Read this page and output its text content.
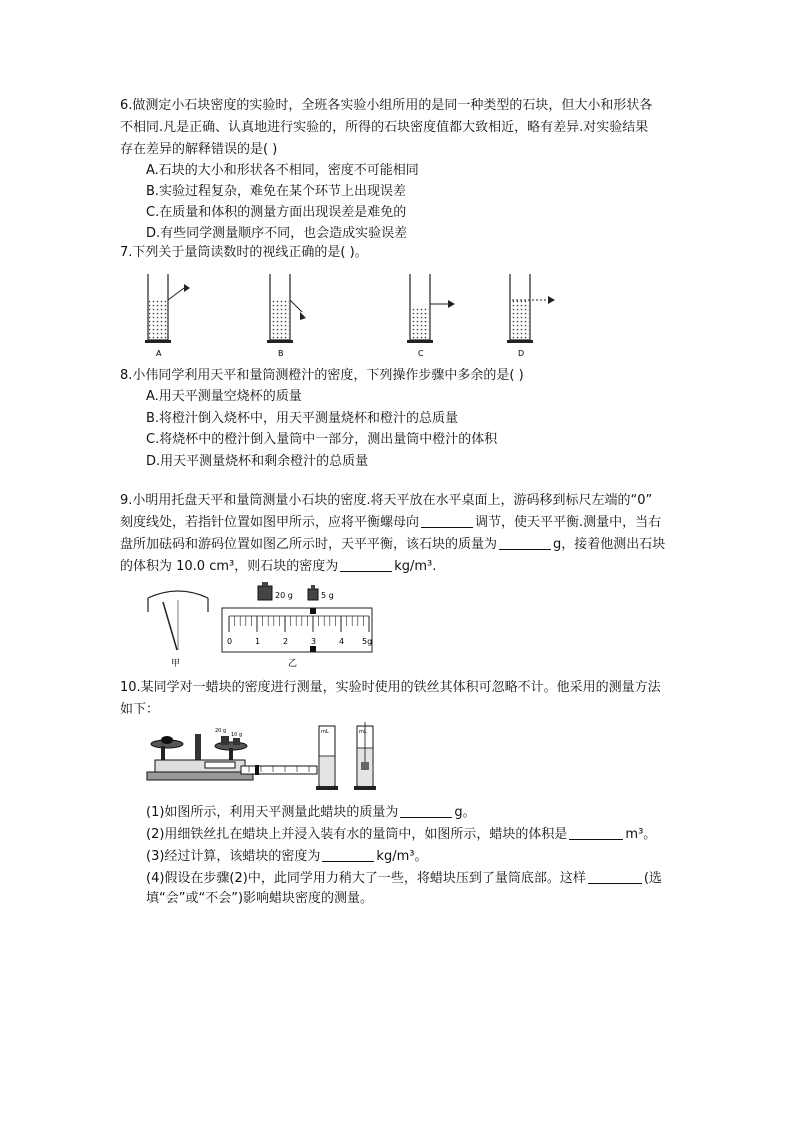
6.做测定小石块密度的实验时，全班各实验小组所用的是同一种类型的石块，但大小和形状各
不相同.凡是正确、认真地进行实验的，所得的石块密度值都大致相近，略有差异.对实验结果
存在差异的解释错误的是( )
A.石块的大小和形状各不相同，密度不可能相同
B.实验过程复杂，难免在某个环节上出现误差
C.在质量和体积的测量方面出现误差是难免的
D.有些同学测量顺序不同，也会造成实验误差
7.下列关于量筒读数时的视线正确的是( )。
A	B	C	D
8.小伟同学利用天平和量筒测橙汁的密度，下列操作步骤中多余的是( )
A.用天平测量空烧杯的质量
B.将橙汁倒入烧杯中，用天平测量烧杯和橙汁的总质量
C.将烧杯中的橙汁倒入量筒中一部分，测出量筒中橙汁的体积
D.用天平测量烧杯和剩余橙汁的总质量
9.小明用托盘天平和量筒测量小石块的密度.将天平放在水平桌面上，游码移到标尺左端的“0”
刻度线处，若指针位置如图甲所示，应将平衡螺母向	调节，使天平平衡.测量中，当右
盘所加砝码和游码位置如图乙所示时，天平平衡，该石块的质量为	g，接着他测出石块
的体积为 10.0 cm³，则石块的密度为	kg/m³.
甲
20 g	5 g
0	1	2	3	4 5g
乙
10.某同学对一蜡块的密度进行测量，实验时使用的铁丝其体积可忽略不计。他采用的测量方法
如下：
20 g
10 g	mL	mL
(1)如图所示，利用天平测量此蜡块的质量为	g。
(2)用细铁丝扎在蜡块上并浸入装有水的量筒中，如图所示，蜡块的体积是	m³。
(3)经过计算，该蜡块的密度为	kg/m³。
(4)假设在步骤(2)中，此同学用力稍大了一些，将蜡块压到了量筒底部。这样	(选
填“会”或“不会”)影响蜡块密度的测量。
